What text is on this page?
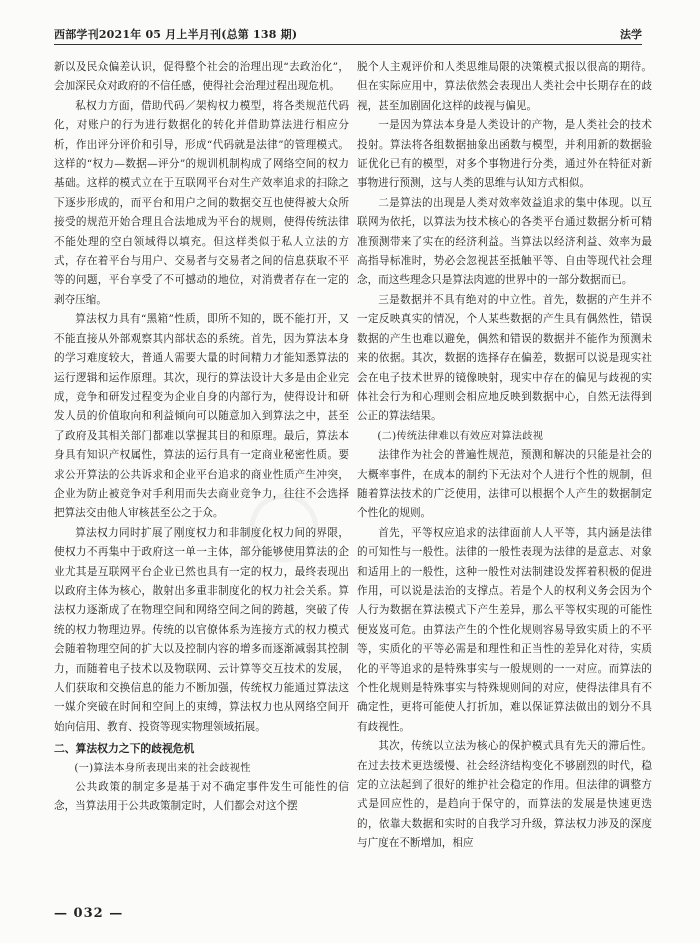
西部学刊2021年 05 月上半月刊(总第 138 期)	法学

新以及民众偏差认识，促得整个社会的治理出现“去政治化”，会加深民众对政府的不信任感，使得社会治理过程出现危机。

私权力方面，借助代码／架构权力模型，将各类规范代码化，对账户的行为进行数据化的转化并借助算法进行相应分析，作出评分评价和引导，形成“代码就是法律”的管理模式。这样的“权力—数据—评分”的规训机制构成了网络空间的权力基础。这样的模式立在于互联网平台对生产效率追求的扫除之下逐步形成的，而平台和用户之间的数据交互也使得被大众所接受的规范开始合理且合法地成为平台的规则，使得传统法律不能处理的空白领域得以填充。但这样类似于私人立法的方式，存在着平台与用户、交易者与交易者之间的信息获取不平等的问题，平台享受了不可撼动的地位，对消费者存在一定的剥夺压缩。

算法权力具有“黑箱”性质，即所不知的，既不能打开，又不能直接从外部观察其内部状态的系统。首先，因为算法本身的学习难度较大，普通人需要大量的时间精力才能知悉算法的运行逻辑和运作原理。其次，现行的算法设计大多是由企业完成，竞争和研发过程变为企业自身的内部行为，使得设计和研发人员的价值取向和利益倾向可以随意加入到算法之中，甚至了政府及其相关部门都难以掌握其目的和原理。最后，算法本身具有知识产权属性，算法的运行具有一定商业秘密性质。要求公开算法的公共诉求和企业平台追求的商业性质产生冲突，企业为防止被竞争对手利用而失去商业竞争力，往往不会选择把算法交由他人审核甚至公之于众。

算法权力同时扩展了刚度权力和非制度化权力间的界限，使权力不再集中于政府这一单一主体，部分能够使用算法的企业尤其是互联网平台企业已然也具有一定的权力，最终表现出以政府主体为核心，散射出多重非制度化的权力社会关系。算法权力逐渐成了在物理空间和网络空间之间的跨越，突破了传统的权力物理边界。传统的以官僚体系为连接方式的权力模式会随着物理空间的扩大以及控制内容的增多而逐渐减弱其控制力，而随着电子技术以及物联网、云计算等交互技术的发展，人们获取和交换信息的能力不断加强，传统权力能通过算法这一媒介突破在时间和空间上的束缚，算法权力也从网络空间开始向信用、教育、投资等现实物理领域拓展。

二、算法权力之下的歧视危机
(一)算法本身所表现出来的社会歧视性

公共政策的制定多是基于对不确定事件发生可能性的信念，当算法用于公共政策制定时，人们都会对这个摆

脱个人主观评价和人类思维局限的决策模式报以很高的期待。但在实际应用中，算法依然会表现出人类社会中长期存在的歧视，甚至加剧固化这样的歧视与偏见。

一是因为算法本身是人类设计的产物，是人类社会的技术投射。算法将各组数据抽象出函数与模型，并利用新的数据验证优化已有的模型，对多个事物进行分类，通过外在特征对新事物进行预测，这与人类的思维与认知方式相似。

二是算法的出现是人类对效率效益追求的集中体现。以互联网为依托，以算法为技术核心的各类平台通过数据分析可精准预测带来了实在的经济利益。当算法以经济利益、效率为最高指导标准时，势必会忽视甚至抵触平等、自由等现代社会理念，而这些理念只是算法肉遮的世界中的一部分数据而已。

三是数据并不具有绝对的中立性。首先，数据的产生并不一定反映真实的情况，个人某些数据的产生具有偶然性，错误数据的产生也难以避免，偶然和错误的数据并不能作为预测未来的依据。其次，数据的选择存在偏差，数据可以说是现实社会在电子技术世界的镜像映射，现实中存在的偏见与歧视的实体社会行为和心理则会相应地反映到数据中心，自然无法得到公正的算法结果。

(二)传统法律难以有效应对算法歧视

法律作为社会的普遍性规范，预测和解决的只能是社会的大概率事件，在成本的制约下无法对个人进行个性的规制，但随着算法技术的广泛使用，法律可以根据个人产生的数据制定个性化的规则。

首先，平等权应追求的法律面前人人平等，其内涵是法律的可知性与一般性。法律的一般性表现为法律的是意志、对象和适用上的一般性，这种一般性对法制建设发挥着积极的促进作用，可以说是法治的支撑点。若是个人的权利义务会因为个人行为数据在算法模式下产生差异，那么平等权实现的可能性便岌岌可危。由算法产生的个性化规则容易导致实质上的不平等，实质化的平等必需是和理性和正当性的差异化对待，实质化的平等追求的是特殊事实与一般规则的一一对应。而算法的个性化规则是特殊事实与特殊规则间的对应，使得法律具有不确定性，更将可能使人打折加，难以保证算法做出的划分不具有歧视性。

其次，传统以立法为核心的保护模式具有先天的滞后性。在过去技术更迭缓慢、社会经济结构变化不够剧烈的时代，稳定的立法起到了很好的维护社会稳定的作用。但法律的调整方式是回应性的，是趋向于保守的，而算法的发展是快速更迭的，依靠大数据和实时的自我学习升级，算法权力涉及的深度与广度在不断增加，相应

— 032 —
